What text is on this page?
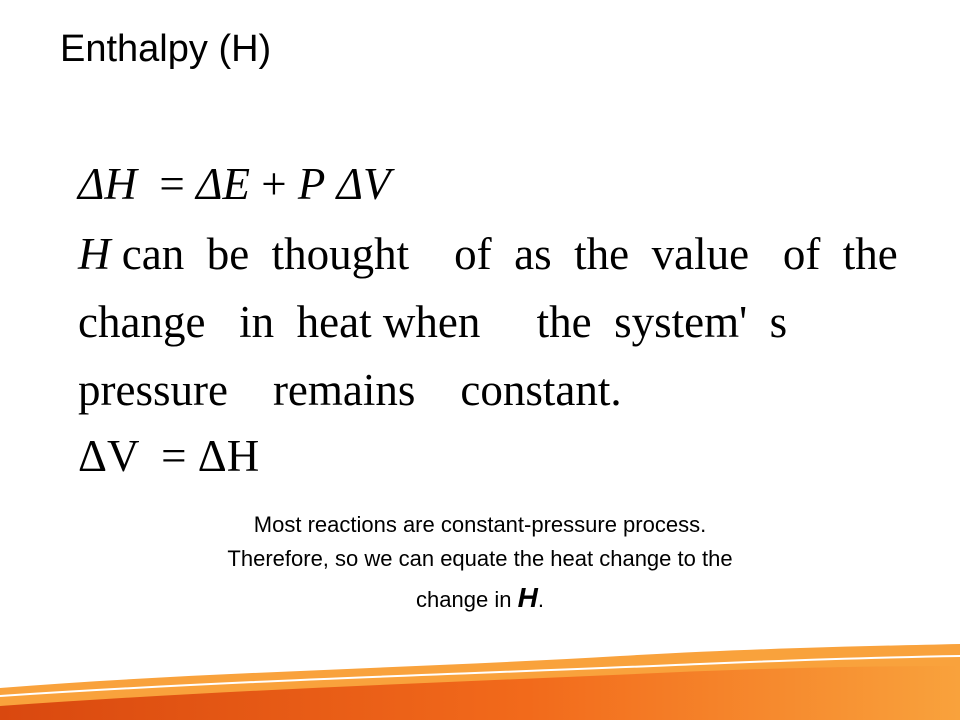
Enthalpy (H)
ΔH = ΔE + P ΔV
H can  be  thought    of  as  the  value   of  the
change   in  heat when     the  system'  s
pressure    remains    constant.
ΔV  = ΔH
Most reactions are constant-pressure process.
Therefore, so we can equate the heat change to the
change in H.
